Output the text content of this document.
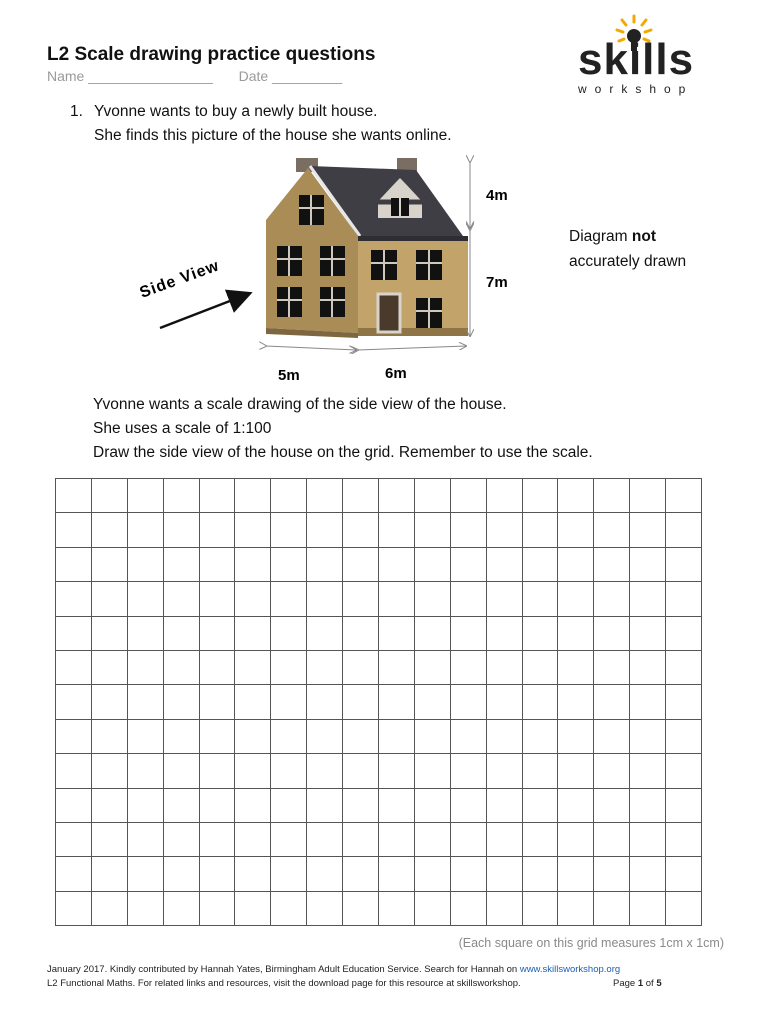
L2 Scale drawing practice questions
Name ________________ Date _________	skills
workshop
1. Yvonne wants to buy a newly built house.
She finds this picture of the house she wants online.
4m
7m
5m	6m
Side View
Diagram not
accurately drawn
Yvonne wants a scale drawing of the side view of the house.
She uses a scale of 1:100
Draw the side view of the house on the grid. Remember to use the scale.
(Each square on this grid measures 1cm x 1cm)
January 2017. Kindly contributed by Hannah Yates, Birmingham Adult Education Service. Search for Hannah on www.skillsworkshop.org
L2 Functional Maths. For related links and resources, visit the download page for this resource at skillsworkshop.	Page 1 of 5
